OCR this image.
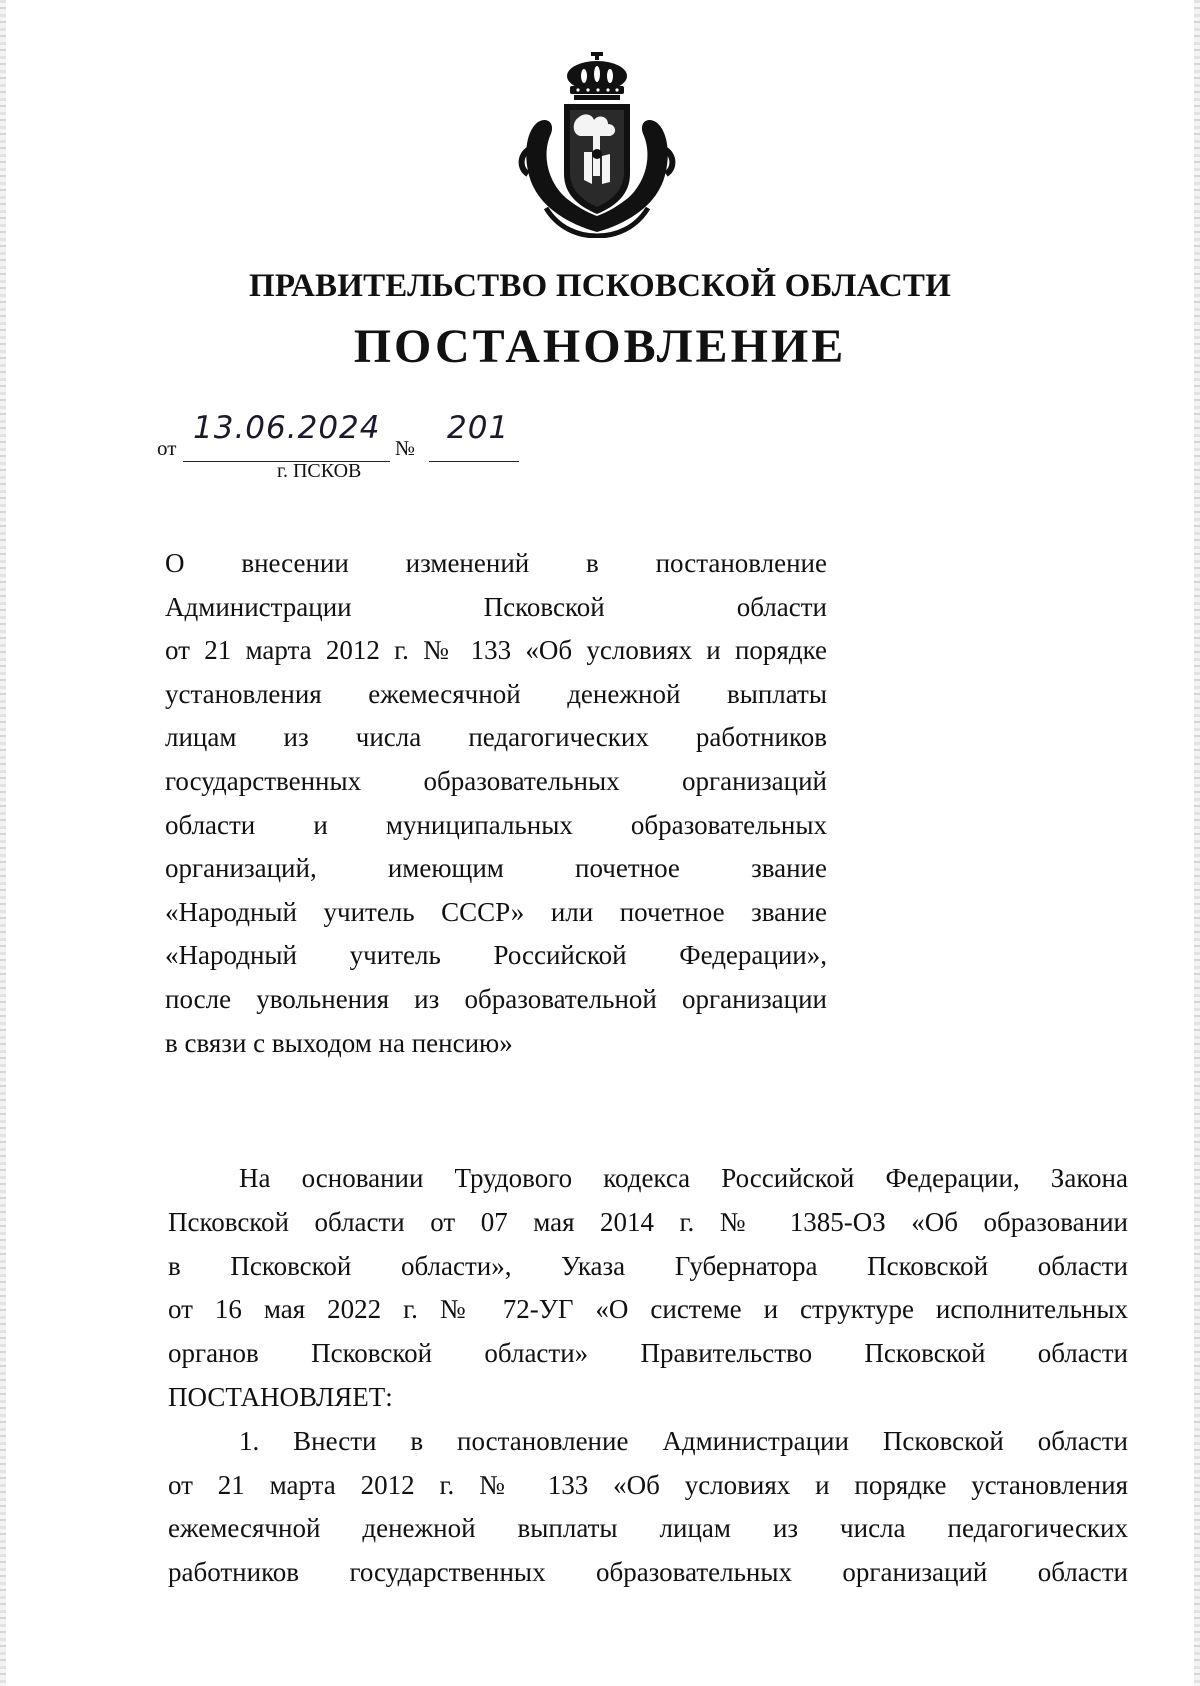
ПРАВИТЕЛЬСТВО ПСКОВСКОЙ ОБЛАСТИ
ПОСТАНОВЛЕНИЕ
от
13.06.2024
№
201
г. ПСКОВ
О внесении изменений в постановление
Администрации Псковской области
от 21 марта 2012 г. № 133 «Об условиях и порядке
установления ежемесячной денежной выплаты
лицам из числа педагогических работников
государственных образовательных организаций
области и муниципальных образовательных
организаций, имеющим почетное звание
«Народный учитель СССР» или почетное звание
«Народный учитель Российской Федерации»,
после увольнения из образовательной организации
в связи с выходом на пенсию»
На основании Трудового кодекса Российской Федерации, Закона
Псковской области от 07 мая 2014 г. № 1385-ОЗ «Об образовании
в Псковской области», Указа Губернатора Псковской области
от 16 мая 2022 г. № 72-УГ «О системе и структуре исполнительных
органов Псковской области» Правительство Псковской области
ПОСТАНОВЛЯЕТ:
1. Внести в постановление Администрации Псковской области
от 21 марта 2012 г. № 133 «Об условиях и порядке установления
ежемесячной денежной выплаты лицам из числа педагогических
работников государственных образовательных организаций области
